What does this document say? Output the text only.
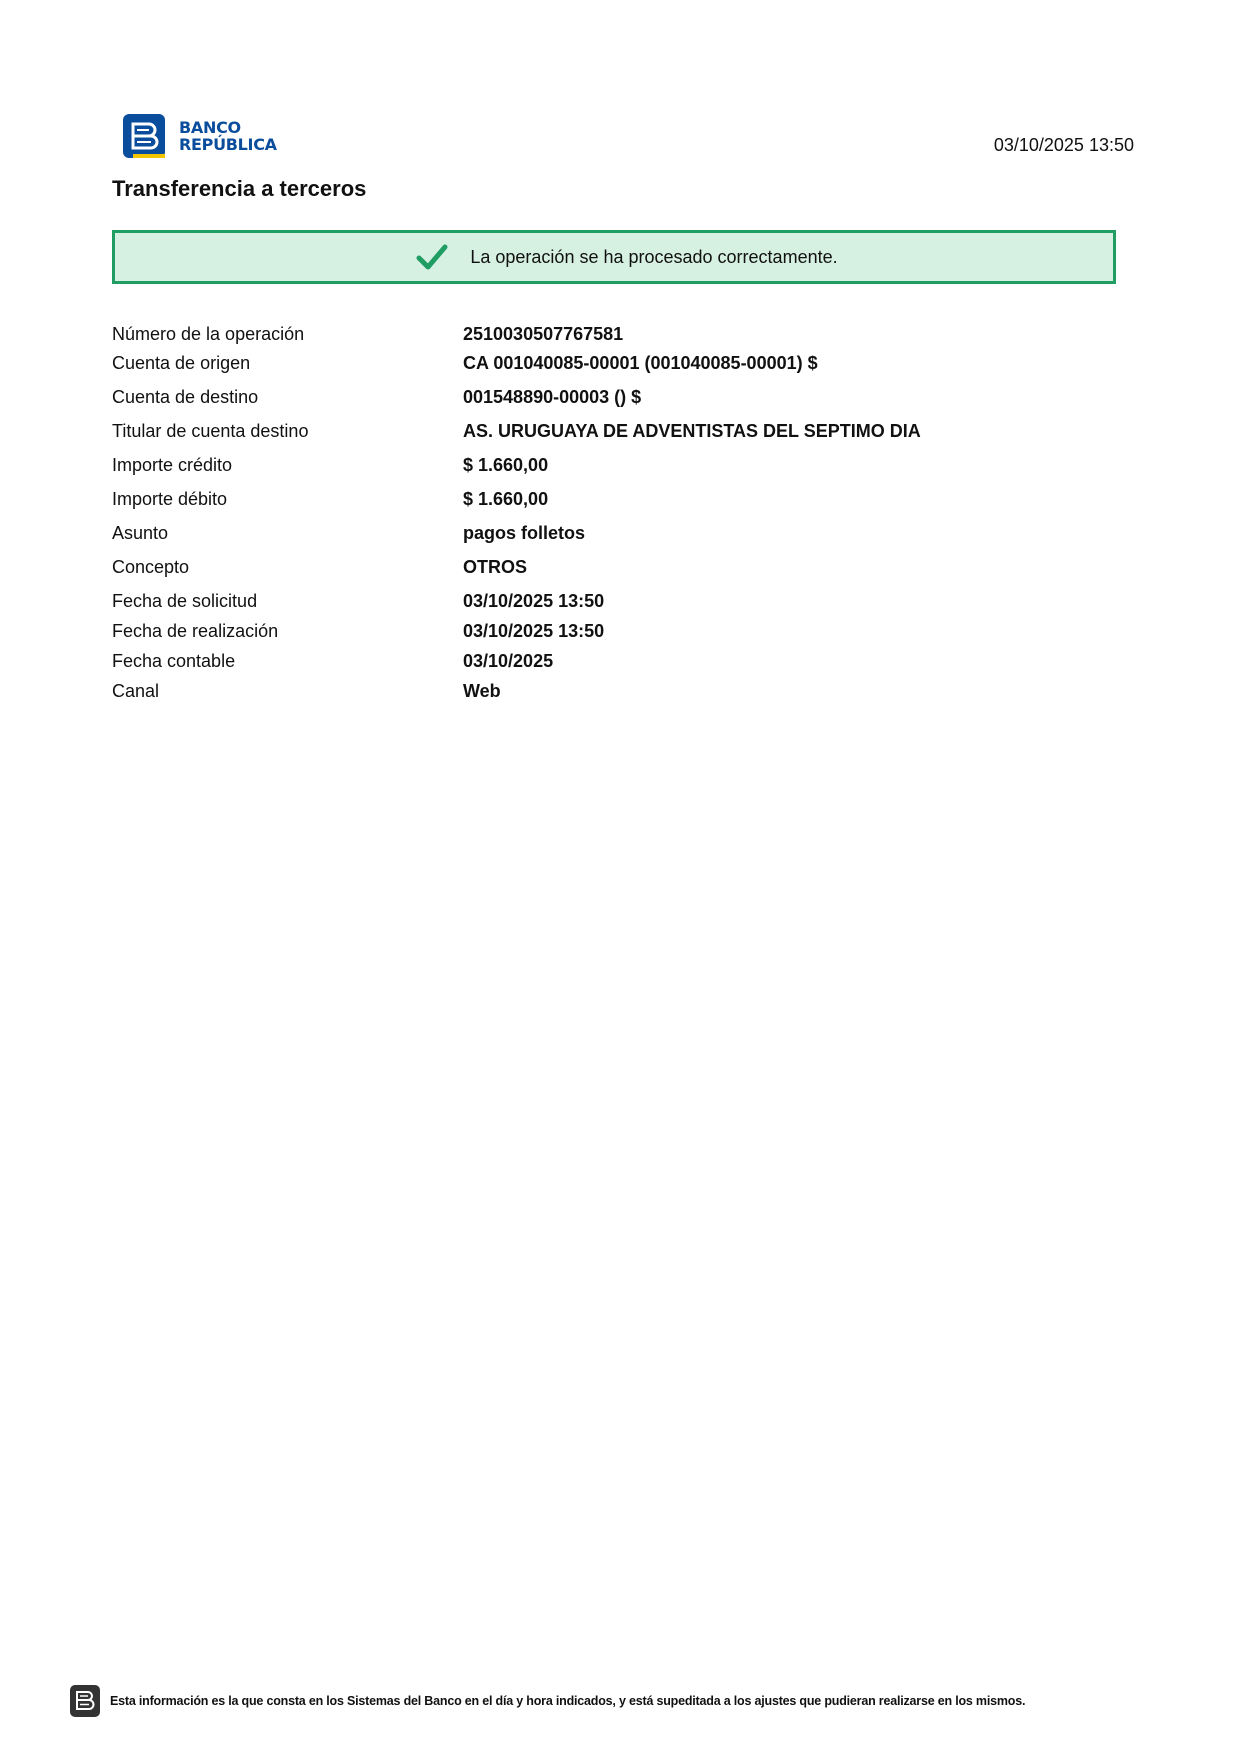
BANCO
REPÚBLICA	03/10/2025 13:50
Transferencia a terceros
La operación se ha procesado correctamente.
Número de la operación	2510030507767581
Cuenta de origen	CA 001040085-00001 (001040085-00001) $
Cuenta de destino	001548890-00003 () $
Titular de cuenta destino	AS. URUGUAYA DE ADVENTISTAS DEL SEPTIMO DIA
Importe crédito	$ 1.660,00
Importe débito	$ 1.660,00
Asunto	pagos folletos
Concepto	OTROS
Fecha de solicitud	03/10/2025 13:50
Fecha de realización	03/10/2025 13:50
Fecha contable	03/10/2025
Canal	Web
Esta información es la que consta en los Sistemas del Banco en el día y hora indicados, y está supeditada a los ajustes que pudieran realizarse en los mismos.
